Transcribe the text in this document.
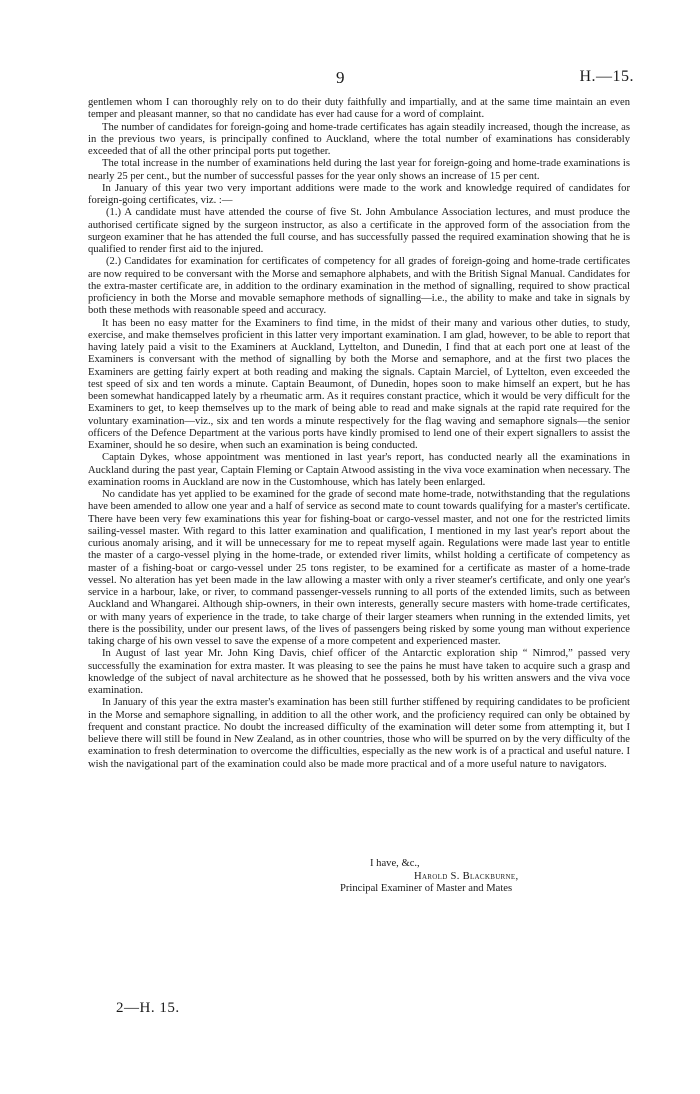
9	H.—15.

gentlemen whom I can thoroughly rely on to do their duty faithfully and impartially, and at the same time maintain an even temper and pleasant manner, so that no candidate has ever had cause for a word of complaint.

The number of candidates for foreign-going and home-trade certificates has again steadily increased, though the increase, as in the previous two years, is principally confined to Auckland, where the total number of examinations has considerably exceeded that of all the other principal ports put together.

The total increase in the number of examinations held during the last year for foreign-going and home-trade examinations is nearly 25 per cent., but the number of successful passes for the year only shows an increase of 15 per cent.

In January of this year two very important additions were made to the work and knowledge required of candidates for foreign-going certificates, viz. :—

(1.) A candidate must have attended the course of five St. John Ambulance Association lectures, and must produce the authorised certificate signed by the surgeon instructor, as also a certificate in the approved form of the association from the surgeon examiner that he has attended the full course, and has successfully passed the required examination showing that he is qualified to render first aid to the injured.

(2.) Candidates for examination for certificates of competency for all grades of foreign-going and home-trade certificates are now required to be conversant with the Morse and semaphore alphabets, and with the British Signal Manual. Candidates for the extra-master certificate are, in addition to the ordinary examination in the method of signalling, required to show practical proficiency in both the Morse and movable semaphore methods of signalling—i.e., the ability to make and take in signals by both these methods with reasonable speed and accuracy.

It has been no easy matter for the Examiners to find time, in the midst of their many and various other duties, to study, exercise, and make themselves proficient in this latter very important examination. I am glad, however, to be able to report that having lately paid a visit to the Examiners at Auckland, Lyttelton, and Dunedin, I find that at each port one at least of the Examiners is conversant with the method of signalling by both the Morse and semaphore, and at the first two places the Examiners are getting fairly expert at both reading and making the signals. Captain Marciel, of Lyttelton, even exceeded the test speed of six and ten words a minute. Captain Beaumont, of Dunedin, hopes soon to make himself an expert, but he has been somewhat handicapped lately by a rheumatic arm. As it requires constant practice, which it would be very difficult for the Examiners to get, to keep themselves up to the mark of being able to read and make signals at the rapid rate required for the voluntary examination—viz., six and ten words a minute respectively for the flag waving and semaphore signals—the senior officers of the Defence Department at the various ports have kindly promised to lend one of their expert signallers to assist the Examiner, should he so desire, when such an examination is being conducted.

Captain Dykes, whose appointment was mentioned in last year's report, has conducted nearly all the examinations in Auckland during the past year, Captain Fleming or Captain Atwood assisting in the viva voce examination when necessary. The examination rooms in Auckland are now in the Customhouse, which has lately been enlarged.

No candidate has yet applied to be examined for the grade of second mate home-trade, notwithstanding that the regulations have been amended to allow one year and a half of service as second mate to count towards qualifying for a master's certificate. There have been very few examinations this year for fishing-boat or cargo-vessel master, and not one for the restricted limits sailing-vessel master. With regard to this latter examination and qualification, I mentioned in my last year's report about the curious anomaly arising, and it will be unnecessary for me to repeat myself again. Regulations were made last year to entitle the master of a cargo-vessel plying in the home-trade, or extended river limits, whilst holding a certificate of competency as master of a fishing-boat or cargo-vessel under 25 tons register, to be examined for a certificate as master of a home-trade vessel. No alteration has yet been made in the law allowing a master with only a river steamer's certificate, and only one year's service in a harbour, lake, or river, to command passenger-vessels running to all ports of the extended limits, such as between Auckland and Whangarei. Although ship-owners, in their own interests, generally secure masters with home-trade certificates, or with many years of experience in the trade, to take charge of their larger steamers when running in the extended limits, yet there is the possibility, under our present laws, of the lives of passengers being risked by some young man without experience taking charge of his own vessel to save the expense of a more competent and experienced master.

In August of last year Mr. John King Davis, chief officer of the Antarctic exploration ship “ Nimrod,” passed very successfully the examination for extra master. It was pleasing to see the pains he must have taken to acquire such a grasp and knowledge of the subject of naval architecture as he showed that he possessed, both by his written answers and the viva voce examination.

In January of this year the extra master's examination has been still further stiffened by requiring candidates to be proficient in the Morse and semaphore signalling, in addition to all the other work, and the proficiency required can only be obtained by frequent and constant practice. No doubt the increased difficulty of the examination will deter some from attempting it, but I believe there will still be found in New Zealand, as in other countries, those who will be spurred on by the very difficulty of the examination to fresh determination to overcome the difficulties, especially as the new work is of a practical and useful nature. I wish the navigational part of the examination could also be made more practical and of a more useful nature to navigators.

I have, &c.,
Harold S. Blackburne,
Principal Examiner of Master and Mates
2—H. 15.
